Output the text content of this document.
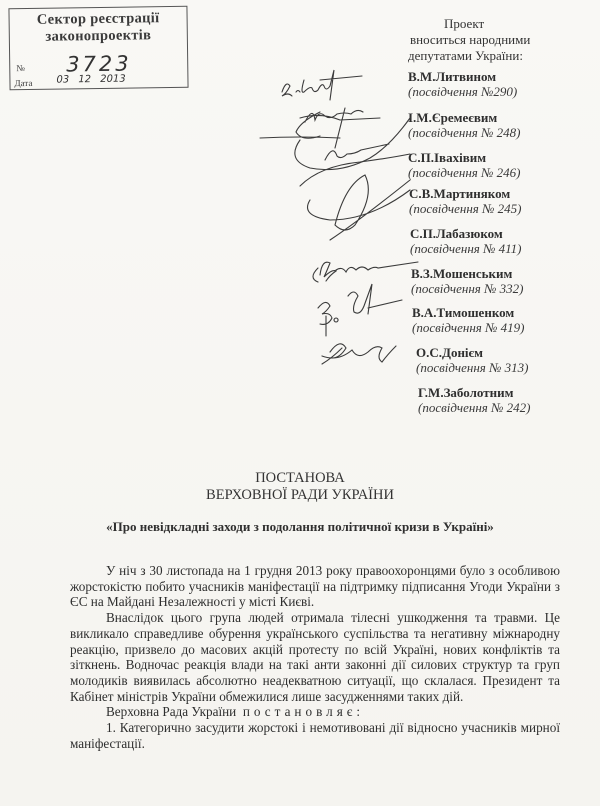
Сектор реєстрації
законопроектів
№ 3723
Дата 03 12 2013
Проект
вноситься народними
депутатами України:
В.М.Литвином
(посвідчення №290)
І.М.Єремеєвим
(посвідчення № 248)
С.П.Івахівим
(посвідчення № 246)
С.В.Мартиняком
(посвідчення № 245)
С.П.Лабазюком
(посвідчення № 411)
В.З.Мошенським
(посвідчення № 332)
В.А.Тимошенком
(посвідчення № 419)
О.С.Донієм
(посвідчення № 313)
Г.М.Заболотним
(посвідчення № 242)
ПОСТАНОВА
ВЕРХОВНОЇ РАДИ УКРАЇНИ
«Про невідкладні заходи з подолання політичної кризи в Україні»

У ніч з 30 листопада на 1 грудня 2013 року правоохоронцями було з особливою жорстокістю побито учасників маніфестації на підтримку підписання Угоди України з ЄС на Майдані Незалежності у місті Києві.

Внаслідок цього група людей отримала тілесні ушкодження та травми. Це викликало справедливе обурення українського суспільства та негативну міжнародну реакцію, призвело до масових акцій протесту по всій Україні, нових конфліктів та зіткнень. Водночас реакція влади на такі анти законні дії силових структур та груп молодиків виявилась абсолютно неадекватною ситуації, що склалася. Президент та Кабінет міністрів України обмежилися лише засудженнями таких дій.

Верховна Рада України постановляє:

1. Категорично засудити жорстокі і немотивовані дії відносно учасників мирної маніфестації.
